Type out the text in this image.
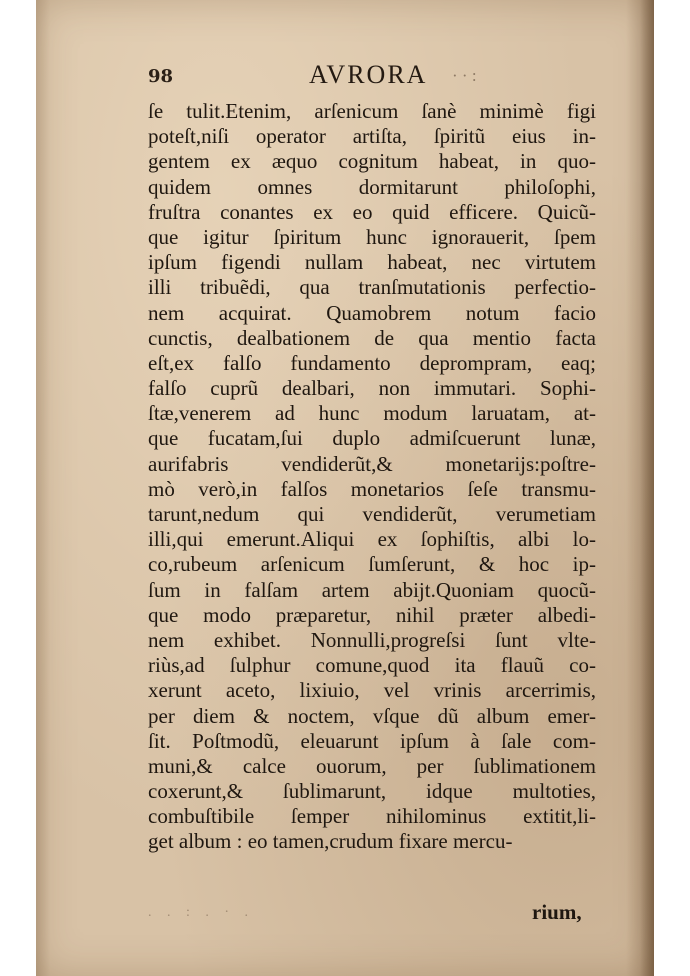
98	AVRORA · · :
ſe tulit.Etenim, arſenicum ſanè minimè figi
poteſt,niſi operator artiſta, ſpiritũ eius in-
gentem ex æquo cognitum habeat, in quo-
quidem omnes dormitarunt philoſophi,
fruſtra conantes ex eo quid efficere. Quicũ-
que igitur ſpiritum hunc ignorauerit, ſpem
ipſum figendi nullam habeat, nec virtutem
illi tribuẽdi, qua tranſmutationis perfectio-
nem acquirat. Quamobrem notum facio
cunctis, dealbationem de qua mentio facta
eſt,ex falſo fundamento deprompram, eaq;
falſo cuprũ dealbari, non immutari. Sophi-
ſtæ,venerem ad hunc modum laruatam, at-
que fucatam,ſui duplo admiſcuerunt lunæ,
aurifabris vendiderũt,& monetarijs:poſtre-
mò verò,in falſos monetarios ſeſe transmu-
tarunt,nedum qui vendiderũt, verumetiam
illi,qui emerunt.Aliqui ex ſophiſtis, albi lo-
co,rubeum arſenicum ſumſerunt, & hoc ip-
ſum in falſam artem abijt.Quoniam quocũ-
que modo præparetur, nihil præter albedi-
nem exhibet. Nonnulli,progreſsi ſunt vlte-
riùs,ad ſulphur comune,quod ita flauũ co-
xerunt aceto, lixiuio, vel vrinis arcerrimis,
per diem & noctem, vſque dũ album emer-
ſit. Poſtmodũ, eleuarunt ipſum à ſale com-
muni,& calce ouorum, per ſublimationem
coxerunt,& ſublimarunt, idque multoties,
combuſtibile ſemper nihilominus extitit,li-
get album : eo tamen,crudum fixare mercu-
. . : . · .	rium,
